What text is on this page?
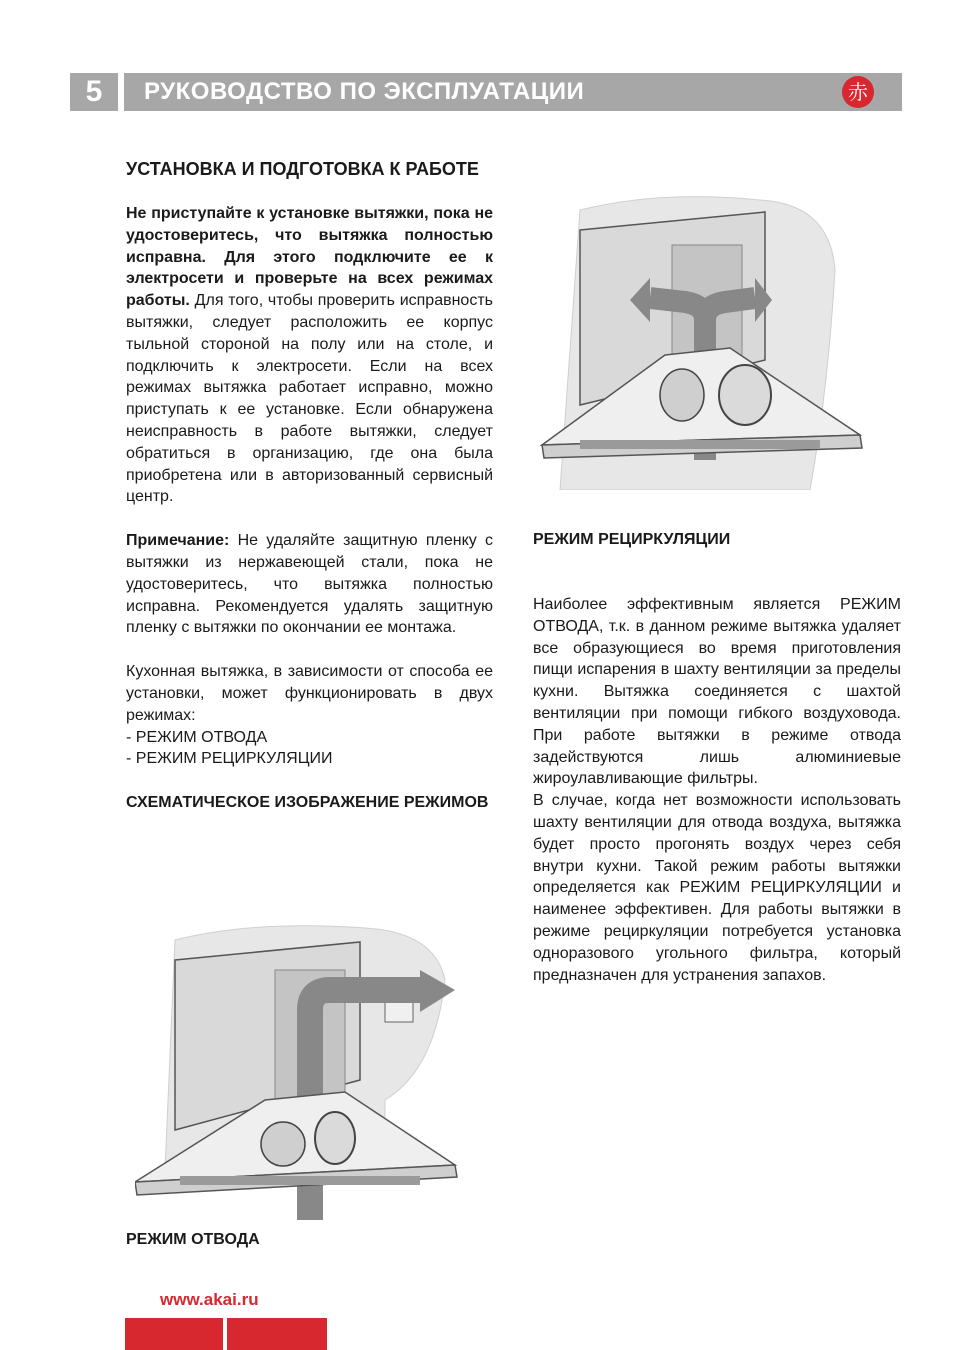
5	РУКОВОДСТВО ПО ЭКСПЛУАТАЦИИ	赤

УСТАНОВКА И ПОДГОТОВКА К РАБОТЕ

Не приступайте к установке вытяжки, пока не удостоверитесь, что вытяжка полностью исправна. Для этого подключите ее к электросети и проверьте на всех режимах работы. Для того, чтобы проверить исправность вытяжки, следует расположить ее корпус тыльной стороной на полу или на столе, и подключить к электросети. Если на всех режимах вытяжка работает исправно, можно приступать к ее установке. Если обнаружена неисправность в работе вытяжки, следует обратиться в организацию, где она была приобретена или в авторизованный сервисный центр.

Примечание: Не удаляйте защитную пленку с вытяжки из нержавеющей стали, пока не удостоверитесь, что вытяжка полностью исправна. Рекомендуется удалять защитную пленку с вытяжки по окончании ее монтажа.

Кухонная вытяжка, в зависимости от способа ее установки, может функционировать в двух режимах:

- РЕЖИМ ОТВОДА
- РЕЖИМ РЕЦИРКУЛЯЦИИ

СХЕМАТИЧЕСКОЕ ИЗОБРАЖЕНИЕ РЕЖИМОВ

РЕЖИМ ОТВОДА
РЕЖИМ РЕЦИРКУЛЯЦИИ

Наиболее эффективным является РЕЖИМ ОТВОДА, т.к. в данном режиме вытяжка удаляет все образующиеся во время приготовления пищи испарения в шахту вентиляции за пределы кухни. Вытяжка соединяется с шахтой вентиляции при помощи гибкого воздуховода. При работе вытяжки в режиме отвода задействуются лишь алюминиевые жироулавливающие фильтры.

В случае, когда нет возможности использовать шахту вентиляции для отвода воздуха, вытяжка будет просто прогонять воздух через себя внутри кухни. Такой режим работы вытяжки определяется как РЕЖИМ РЕЦИРКУЛЯЦИИ и наименее эффективен. Для работы вытяжки в режиме рециркуляции потребуется установка одноразового угольного фильтра, который предназначен для устранения запахов.

www.akai.ru
